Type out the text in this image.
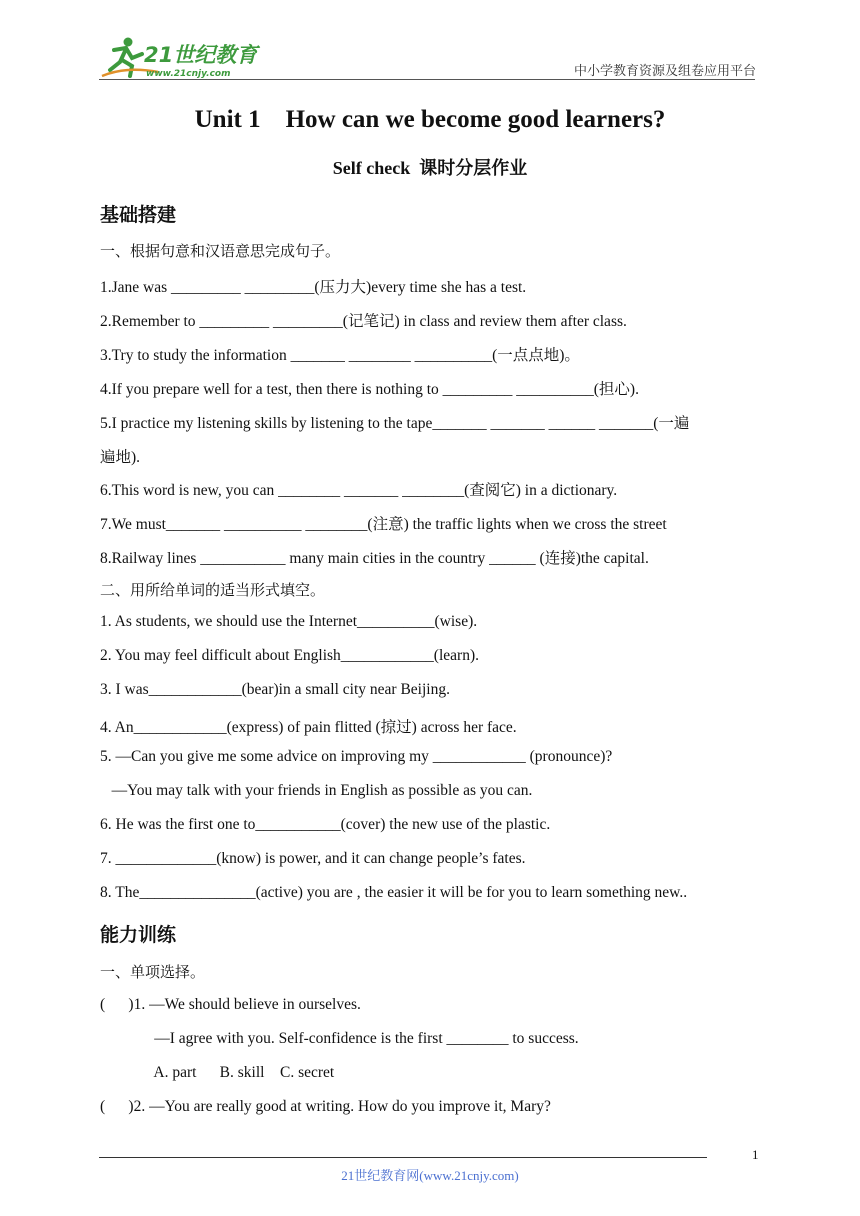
21世纪教育
www.21cnjy.com	中小学教育资源及组卷应用平台
Unit 1    How can we become good learners?
Self check  课时分层作业
基础搭建
一、根据句意和汉语意思完成句子。
1.Jane was _________ _________(压力大)every time she has a test.
2.Remember to _________ _________(记笔记) in class and review them after class.
3.Try to study the information _______ ________ __________(一点点地)。
4.If you prepare well for a test, then there is nothing to _________ __________(担心).
5.I practice my listening skills by listening to the tape_______ _______ ______ _______(一遍
遍地).
6.This word is new, you can ________ _______ ________(查阅它) in a dictionary.
7.We must_______ __________ ________(注意) the traffic lights when we cross the street
8.Railway lines ___________ many main cities in the country ______ (连接)the capital.
二、用所给单词的适当形式填空。
1. As students, we should use the Internet__________(wise).
2. You may feel difficult about English____________(learn).
3. I was____________(bear)in a small city near Beijing.
4. An____________(express) of pain flitted (掠过) across her face.
5. —Can you give me some advice on improving my ____________ (pronounce)?
—You may talk with your friends in English as possible as you can.
6. He was the first one to___________(cover) the new use of the plastic.
7. _____________(know) is power, and it can change people’s fates.
8. The_______________(active) you are , the easier it will be for you to learn something new..
能力训练
一、单项选择。
(      )1. —We should believe in ourselves.
—I agree with you. Self-confidence is the first ________ to success.
A. part      B. skill    C. secret
(      )2. —You are really good at writing. How do you improve it, Mary?
1
21世纪教育网(www.21cnjy.com)
